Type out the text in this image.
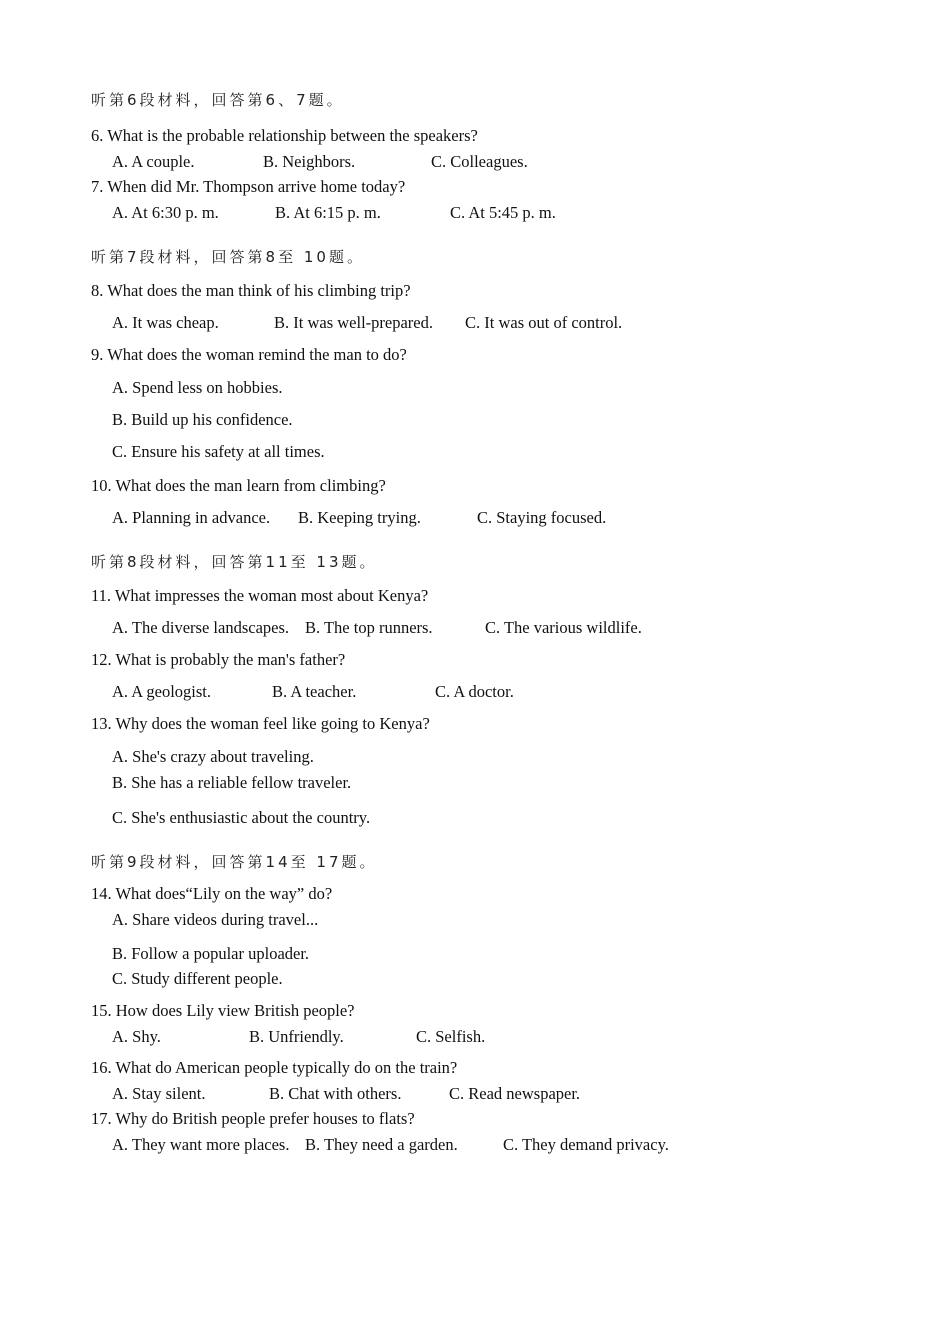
听第6段材料，回答第6、7题。
6. What is the probable relationship between the speakers?
A. A couple.	B. Neighbors.	C. Colleagues.
7. When did Mr. Thompson arrive home today?
A. At 6:30 p. m.	B. At 6:15 p. m.	C. At 5:45 p. m.
听第7段材料，回答第8至 10题。
8. What does the man think of his climbing trip?
A. It was cheap.	B. It was well-prepared. C. It was out of control.
9. What does the woman remind the man to do?
A. Spend less on hobbies.
B. Build up his confidence.
C. Ensure his safety at all times.
10. What does the man learn from climbing?
A. Planning in advance. B. Keeping trying.	C. Staying focused.
听第8段材料，回答第11至 13题。
11. What impresses the woman most about Kenya?
A. The diverse landscapes. B. The top runners.	C. The various wildlife.
12. What is probably the man's father?
A. A geologist.	B. A teacher.	C. A doctor.
13. Why does the woman feel like going to Kenya?
A. She's crazy about traveling.
B. She has a reliable fellow traveler.
C. She's enthusiastic about the country.
听第9段材料，回答第14至 17题。
14. What does“Lily on the way” do?
A. Share videos during travel...
B. Follow a popular uploader.
C. Study different people.
15. How does Lily view British people?
A. Shy.	B. Unfriendly.	C. Selfish.
16. What do American people typically do on the train?
A. Stay silent.	B. Chat with others.	C. Read newspaper.
17. Why do British people prefer houses to flats?
A. They want more places. B. They need a garden.	C. They demand privacy.
